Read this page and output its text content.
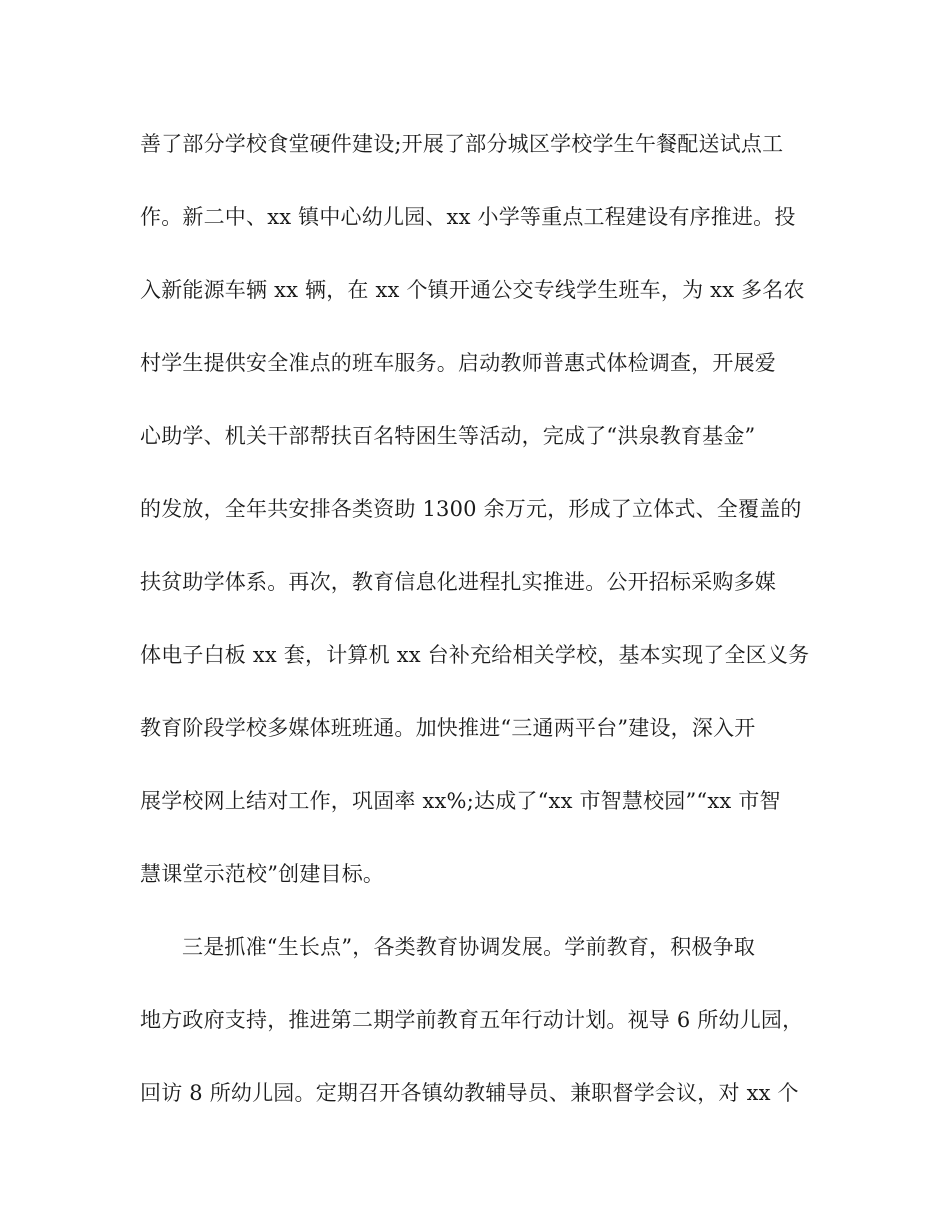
善了部分学校食堂硬件建设;开展了部分城区学校学生午餐配送试点工
作。新二中、xx 镇中心幼儿园、xx 小学等重点工程建设有序推进。投
入新能源车辆 xx 辆，在 xx 个镇开通公交专线学生班车，为 xx 多名农
村学生提供安全准点的班车服务。启动教师普惠式体检调查，开展爱
心助学、机关干部帮扶百名特困生等活动，完成了“洪泉教育基金”
的发放，全年共安排各类资助 1300 余万元，形成了立体式、全覆盖的
扶贫助学体系。再次，教育信息化进程扎实推进。公开招标采购多媒
体电子白板 xx 套，计算机 xx 台补充给相关学校，基本实现了全区义务
教育阶段学校多媒体班班通。加快推进“三通两平台”建设，深入开
展学校网上结对工作，巩固率 xx%;达成了“xx 市智慧校园”“xx 市智
慧课堂示范校”创建目标。
三是抓准“生长点”，各类教育协调发展。学前教育，积极争取
地方政府支持，推进第二期学前教育五年行动计划。视导 6 所幼儿园，
回访 8 所幼儿园。定期召开各镇幼教辅导员、兼职督学会议，对 xx 个
